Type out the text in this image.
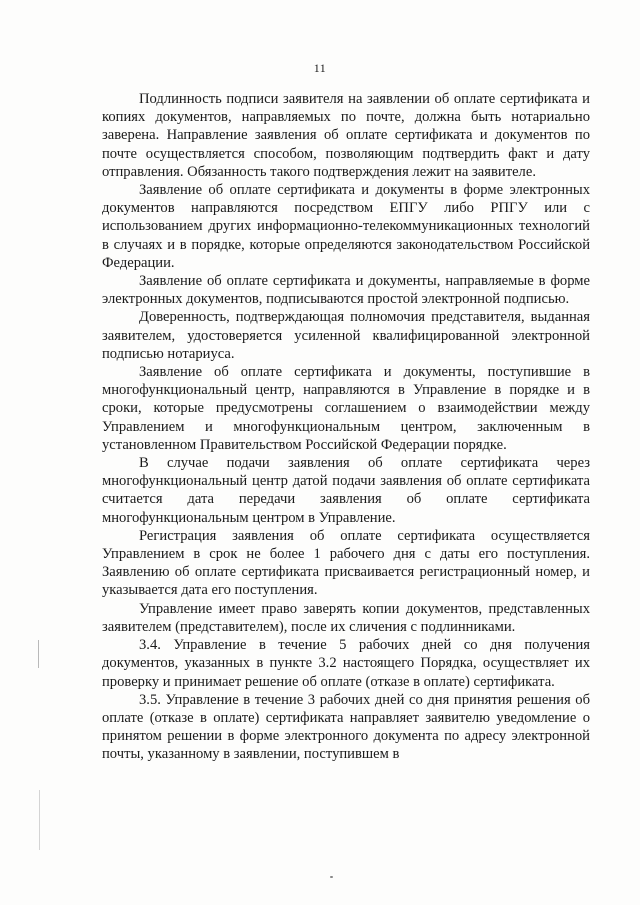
11

Подлинность подписи заявителя на заявлении об оплате сертификата и копиях документов, направляемых по почте, должна быть нотариально заверена. Направление заявления об оплате сертификата и документов по почте осуществляется способом, позволяющим подтвердить факт и дату отправления. Обязанность такого подтверждения лежит на заявителе.

Заявление об оплате сертификата и документы в форме электронных документов направляются посредством ЕПГУ либо РПГУ или с использованием других информационно-телекоммуникационных технологий в случаях и в порядке, которые определяются законодательством Российской Федерации.

Заявление об оплате сертификата и документы, направляемые в форме электронных документов, подписываются простой электронной подписью.

Доверенность, подтверждающая полномочия представителя, выданная заявителем, удостоверяется усиленной квалифицированной электронной подписью нотариуса.

Заявление об оплате сертификата и документы, поступившие в многофункциональный центр, направляются в Управление в порядке и в сроки, которые предусмотрены соглашением о взаимодействии между Управлением и многофункциональным центром, заключенным в установленном Правительством Российской Федерации порядке.

В случае подачи заявления об оплате сертификата через многофункциональный центр датой подачи заявления об оплате сертификата считается дата передачи заявления об оплате сертификата многофункциональным центром в Управление.

Регистрация заявления об оплате сертификата осуществляется Управлением в срок не более 1 рабочего дня с даты его поступления. Заявлению об оплате сертификата присваивается регистрационный номер, и указывается дата его поступления.

Управление имеет право заверять копии документов, представленных заявителем (представителем), после их сличения с подлинниками.

3.4. Управление в течение 5 рабочих дней со дня получения документов, указанных в пункте 3.2 настоящего Порядка, осуществляет их проверку и принимает решение об оплате (отказе в оплате) сертификата.

3.5. Управление в течение 3 рабочих дней со дня принятия решения об оплате (отказе в оплате) сертификата направляет заявителю уведомление о принятом решении в форме электронного документа по адресу электронной почты, указанному в заявлении, поступившем в
